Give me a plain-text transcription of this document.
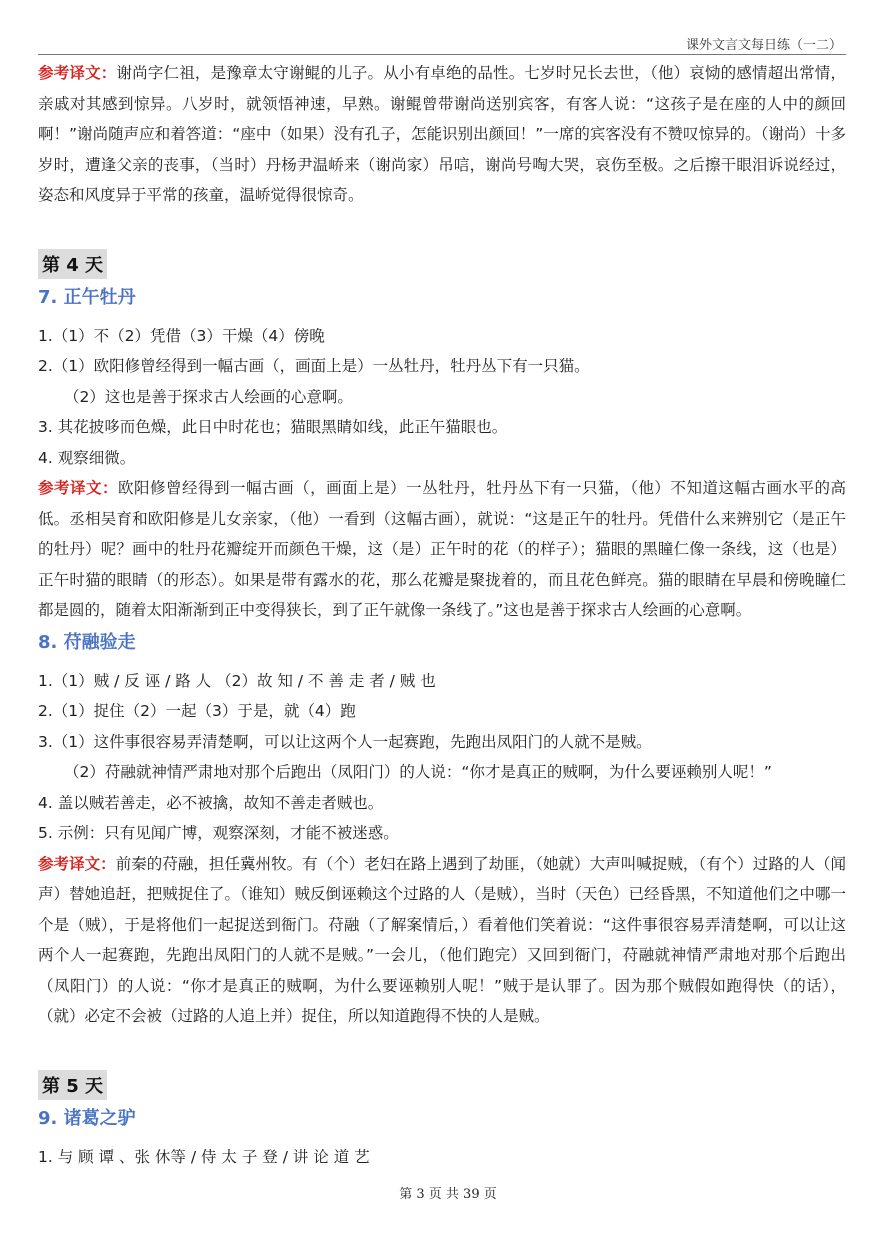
课外文言文每日练（一二）

参考译文：谢尚字仁祖，是豫章太守谢鲲的儿子。从小有卓绝的品性。七岁时兄长去世，（他）哀恸的感情超出常情，亲戚对其感到惊异。八岁时，就领悟神速，早熟。谢鲲曾带谢尚送别宾客，有客人说：“这孩子是在座的人中的颜回啊！”谢尚随声应和着答道：“座中（如果）没有孔子，怎能识别出颜回！”一席的宾客没有不赞叹惊异的。（谢尚）十多岁时，遭逢父亲的丧事，（当时）丹杨尹温峤来（谢尚家）吊唁，谢尚号啕大哭，哀伤至极。之后擦干眼泪诉说经过，姿态和风度异于平常的孩童，温峤觉得很惊奇。

第 4 天
7. 正午牡丹

1.（1）不（2）凭借（3）干燥（4）傍晚

2.（1）欧阳修曾经得到一幅古画（，画面上是）一丛牡丹，牡丹丛下有一只猫。

（2）这也是善于探求古人绘画的心意啊。

3. 其花披哆而色燥，此日中时花也；猫眼黑睛如线，此正午猫眼也。

4. 观察细微。

参考译文：欧阳修曾经得到一幅古画（，画面上是）一丛牡丹，牡丹丛下有一只猫，（他）不知道这幅古画水平的高低。丞相吴育和欧阳修是儿女亲家，（他）一看到（这幅古画），就说：“这是正午的牡丹。凭借什么来辨别它（是正午的牡丹）呢？画中的牡丹花瓣绽开而颜色干燥，这（是）正午时的花（的样子）；猫眼的黑瞳仁像一条线，这（也是）正午时猫的眼睛（的形态）。如果是带有露水的花，那么花瓣是聚拢着的，而且花色鲜亮。猫的眼睛在早晨和傍晚瞳仁都是圆的，随着太阳渐渐到正中变得狭长，到了正午就像一条线了。”这也是善于探求古人绘画的心意啊。

8. 苻融验走

1.（1）贼 / 反 诬 / 路 人 （2）故 知 / 不 善 走 者 / 贼 也

2.（1）捉住（2）一起（3）于是，就（4）跑

3.（1）这件事很容易弄清楚啊，可以让这两个人一起赛跑，先跑出凤阳门的人就不是贼。

（2）苻融就神情严肃地对那个后跑出（凤阳门）的人说：“你才是真正的贼啊，为什么要诬赖别人呢！”

4. 盖以贼若善走，必不被擒，故知不善走者贼也。

5. 示例：只有见闻广博，观察深刻，才能不被迷惑。

参考译文：前秦的苻融，担任冀州牧。有（个）老妇在路上遇到了劫匪，（她就）大声叫喊捉贼，（有个）过路的人（闻声）替她追赶，把贼捉住了。（谁知）贼反倒诬赖这个过路的人（是贼），当时（天色）已经昏黑，不知道他们之中哪一个是（贼），于是将他们一起捉送到衙门。苻融（了解案情后，）看着他们笑着说：“这件事很容易弄清楚啊，可以让这两个人一起赛跑，先跑出凤阳门的人就不是贼。”一会儿，（他们跑完）又回到衙门，苻融就神情严肃地对那个后跑出（凤阳门）的人说：“你才是真正的贼啊，为什么要诬赖别人呢！”贼于是认罪了。因为那个贼假如跑得快（的话），（就）必定不会被（过路的人追上并）捉住，所以知道跑得不快的人是贼。

第 5 天
9. 诸葛之驴

1. 与 顾 谭 、张 休等 / 侍 太 子 登 / 讲 论 道 艺

第 3 页 共 39 页
